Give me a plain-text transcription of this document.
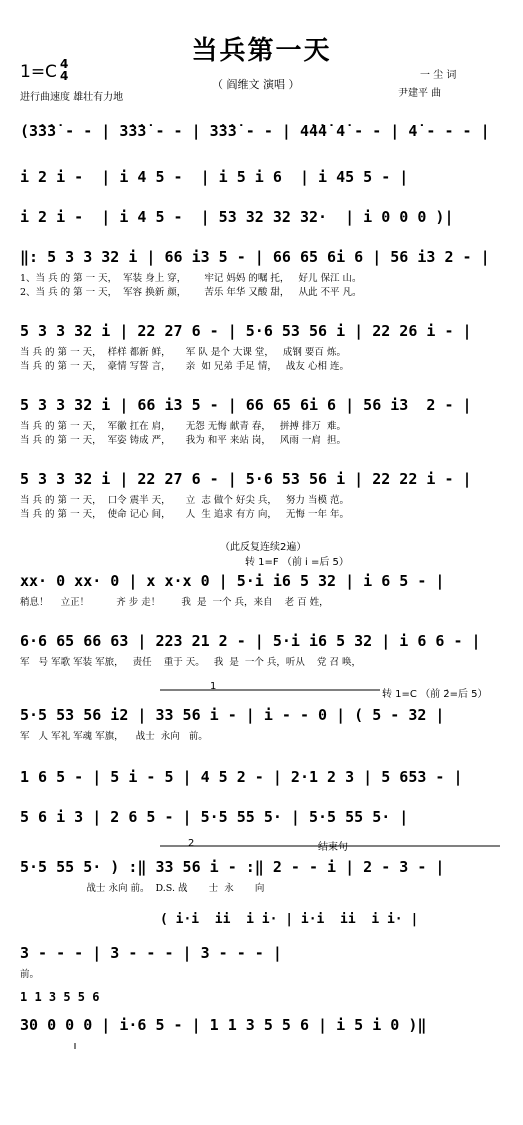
当兵第一天
1=C 4
4
进行曲速度 雄壮有力地
（ 阎维文 演唱 ）
一 尘 词
尹建平 曲
（此反复连续2遍）
转 1=F （前 i =后 5）
转 1=C （前 2̇=后 5）
1
2	结束句
( i·i  ii  i i· | i·i  ii  i i· |
1 1 3 5 5 6
(3̇3̇3̇ - - | 3̇3̇3̇ - - | 3̇3̇3̇ - - | 4̇4̇4̇ 4̇ - - | 4̇ - - - |
i 2 i -  | i 4 5 -  | i 5 i 6  | i 45 5 - |
i 2 i -  | i 4 5 -  | 53 32 32 32·  | i 0 0 0 )|
‖: 5 3 3 32 i | 66 i3 5 - | 66 65 6i 6 | 56 i3 2 - |
1、当 兵 的 第 一 天，  军装 身上 穿，      牢记 妈妈 的嘱 托，   好儿 保江 山。
2、当 兵 的 第 一 天，  军容 换新 颜，      苦乐 年华 又酸 甜，   从此 不平 凡。
5 3 3 32 i | 22 27 6 - | 5·6 53 56 i | 22 26 i - |
当 兵 的 第 一 天，  样样 都新 鲜，     军 队 是个 大课 堂，   成钢 要百 炼。
当 兵 的 第 一 天，  豪情 写誓 言，     亲  如 兄弟 手足 情，   战友 心相 连。
5 3 3 32 i | 66 i3 5 - | 66 65 6i 6 | 56 i3  2 - |
当 兵 的 第 一 天，  军徽 扛在 肩，     无怨 无悔 献青 春，   拼搏 排万  难。
当 兵 的 第 一 天，  军姿 铸成 严，     我为 和平 来站 岗，   风雨 一肩  担。
5 3 3 32 i | 22 27 6 - | 5·6 53 56 i | 22 22 i - |
当 兵 的 第 一 天，  口令 震半 天，     立  志 做个 好尖 兵，   努力 当模 范。
当 兵 的 第 一 天，  使命 记心 间，     人  生 追求 有方 向，   无悔 一年 年。
xx· 0 xx· 0 | x x·x 0 | 5·i i6 5 32 | i 6 5 - |
稍息！    立正！         齐 步 走！       我  是  一个 兵，来自    老 百 姓，
6·6 65 66 63 | 223 21 2 - | 5·i i6 5 32 | i 6 6 - |
军   号 军歌 军装 军旅，   责任    重于 天。   我  是  一个 兵，听从    党 召 唤，
5·5 53 56 i2 | 33 56 i - | i - - 0 | ( 5 - 32 |
军   人 军礼 军魂 军旗，    战士  永向   前。
1 6 5 - | 5 i - 5 | 4 5 2 - | 2·1 2 3 | 5 653 - |
5 6 i 3 | 2 6 5 - | 5·5 55 5· | 5·5 55 5· |
5·5 55 5· ) :‖ 33 56 i - :‖ 2 - - i | 2 - 3 - |
战士 永向 前。  D.S. 战       士  永       向
3 - - - | 3 - - - | 3 - - - |
前。
30 0 0 0 | i·6 5 - | 1 1 3 5 5 6 | i 5 i 0 )‖
